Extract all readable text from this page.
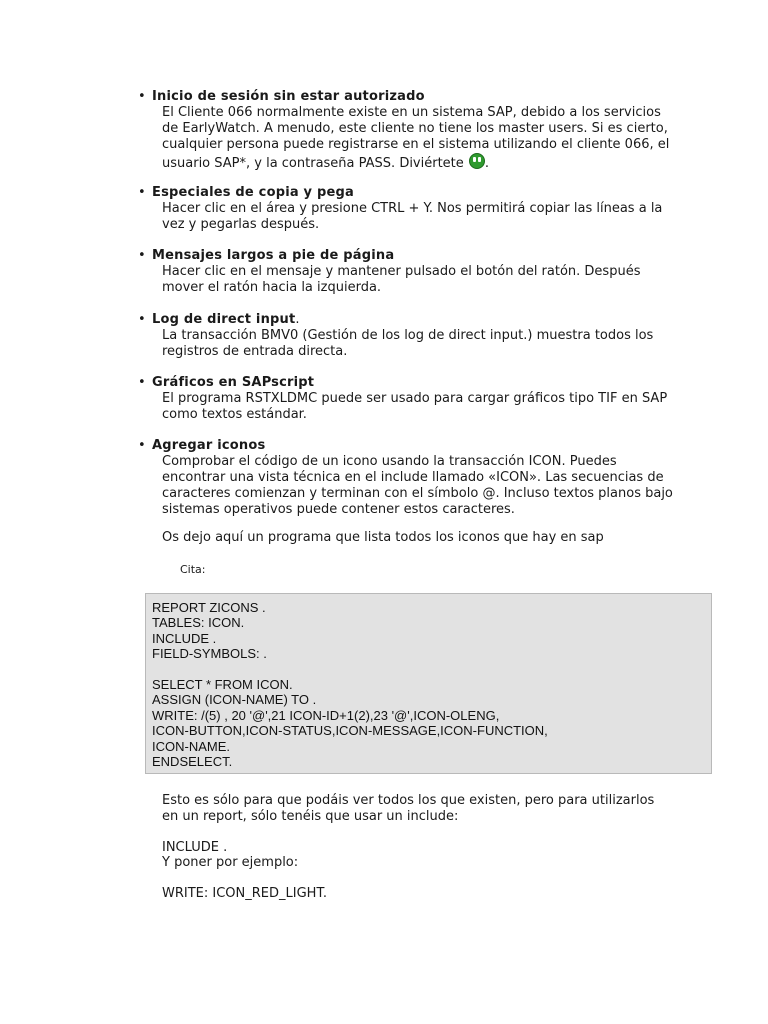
• Inicio de sesión sin estar autorizado
El Cliente 066 normalmente existe en un sistema SAP, debido a los servicios
de EarlyWatch. A menudo, este cliente no tiene los master users. Si es cierto,
cualquier persona puede registrarse en el sistema utilizando el cliente 066, el
usuario SAP*, y la contraseña PASS. Diviértete .
• Especiales de copia y pega
Hacer clic en el área y presione CTRL + Y. Nos permitirá copiar las líneas a la
vez y pegarlas después.
• Mensajes largos a pie de página
Hacer clic en el mensaje y mantener pulsado el botón del ratón. Después
mover el ratón hacia la izquierda.
• Log de direct input.
La transacción BMV0 (Gestión de los log de direct input.) muestra todos los
registros de entrada directa.
• Gráficos en SAPscript
El programa RSTXLDMC puede ser usado para cargar gráficos tipo TIF en SAP
como textos estándar.
• Agregar iconos
Comprobar el código de un icono usando la transacción ICON. Puedes
encontrar una vista técnica en el include llamado «ICON». Las secuencias de
caracteres comienzan y terminan con el símbolo @. Incluso textos planos bajo
sistemas operativos puede contener estos caracteres.
Os dejo aquí un programa que lista todos los iconos que hay en sap
Cita:
REPORT ZICONS .
TABLES: ICON.
INCLUDE .
FIELD-SYMBOLS: .
SELECT * FROM ICON.
ASSIGN (ICON-NAME) TO .
WRITE: /(5) , 20 '@',21 ICON-ID+1(2),23 '@',ICON-OLENG,
ICON-BUTTON,ICON-STATUS,ICON-MESSAGE,ICON-FUNCTION,
ICON-NAME.
ENDSELECT.
Esto es sólo para que podáis ver todos los que existen, pero para utilizarlos
en un report, sólo tenéis que usar un include:
INCLUDE .
Y poner por ejemplo:
WRITE: ICON_RED_LIGHT.
